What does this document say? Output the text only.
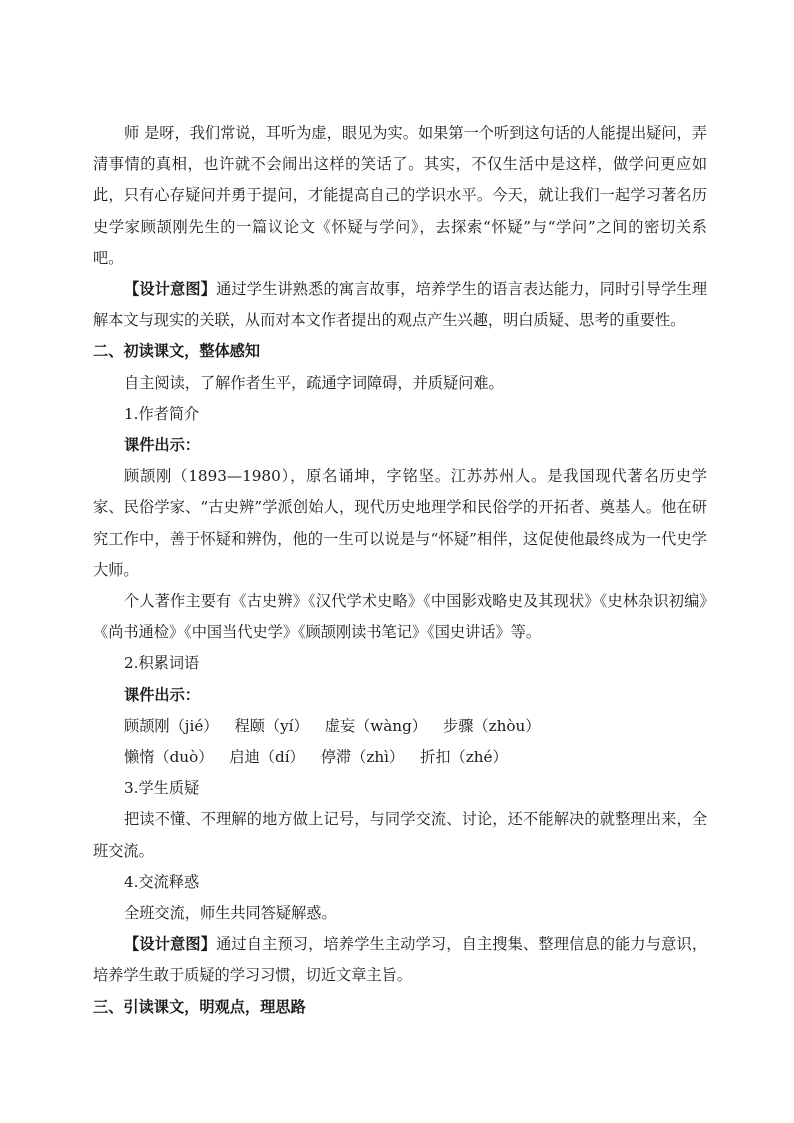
师 是呀，我们常说，耳听为虚，眼见为实。如果第一个听到这句话的人能提出疑问，弄清事情的真相，也许就不会闹出这样的笑话了。其实，不仅生活中是这样，做学问更应如此，只有心存疑问并勇于提问，才能提高自己的学识水平。今天，就让我们一起学习著名历史学家顾颉刚先生的一篇议论文《怀疑与学问》，去探索“怀疑”与“学问”之间的密切关系吧。

【设计意图】通过学生讲熟悉的寓言故事，培养学生的语言表达能力，同时引导学生理解本文与现实的关联，从而对本文作者提出的观点产生兴趣，明白质疑、思考的重要性。

二、初读课文，整体感知

自主阅读，了解作者生平，疏通字词障碍，并质疑问难。

1.作者简介

课件出示：

顾颉刚（1893—1980），原名诵坤，字铭坚。江苏苏州人。是我国现代著名历史学家、民俗学家、“古史辨”学派创始人，现代历史地理学和民俗学的开拓者、奠基人。他在研究工作中，善于怀疑和辨伪，他的一生可以说是与“怀疑”相伴，这促使他最终成为一代史学大师。

个人著作主要有《古史辨》《汉代学术史略》《中国影戏略史及其现状》《史林杂识初编》《尚书通检》《中国当代史学》《顾颉刚读书笔记》《国史讲话》等。

2.积累词语

课件出示：

顾颉刚（jié） 程颐（yí） 虚妄（wàng） 步骤（zhòu）

懒惰（duò） 启迪（dí） 停滞（zhì） 折扣（zhé）

3.学生质疑

把读不懂、不理解的地方做上记号，与同学交流、讨论，还不能解决的就整理出来，全班交流。

4.交流释惑

全班交流，师生共同答疑解惑。

【设计意图】通过自主预习，培养学生主动学习，自主搜集、整理信息的能力与意识，培养学生敢于质疑的学习习惯，切近文章主旨。

三、引读课文，明观点，理思路
